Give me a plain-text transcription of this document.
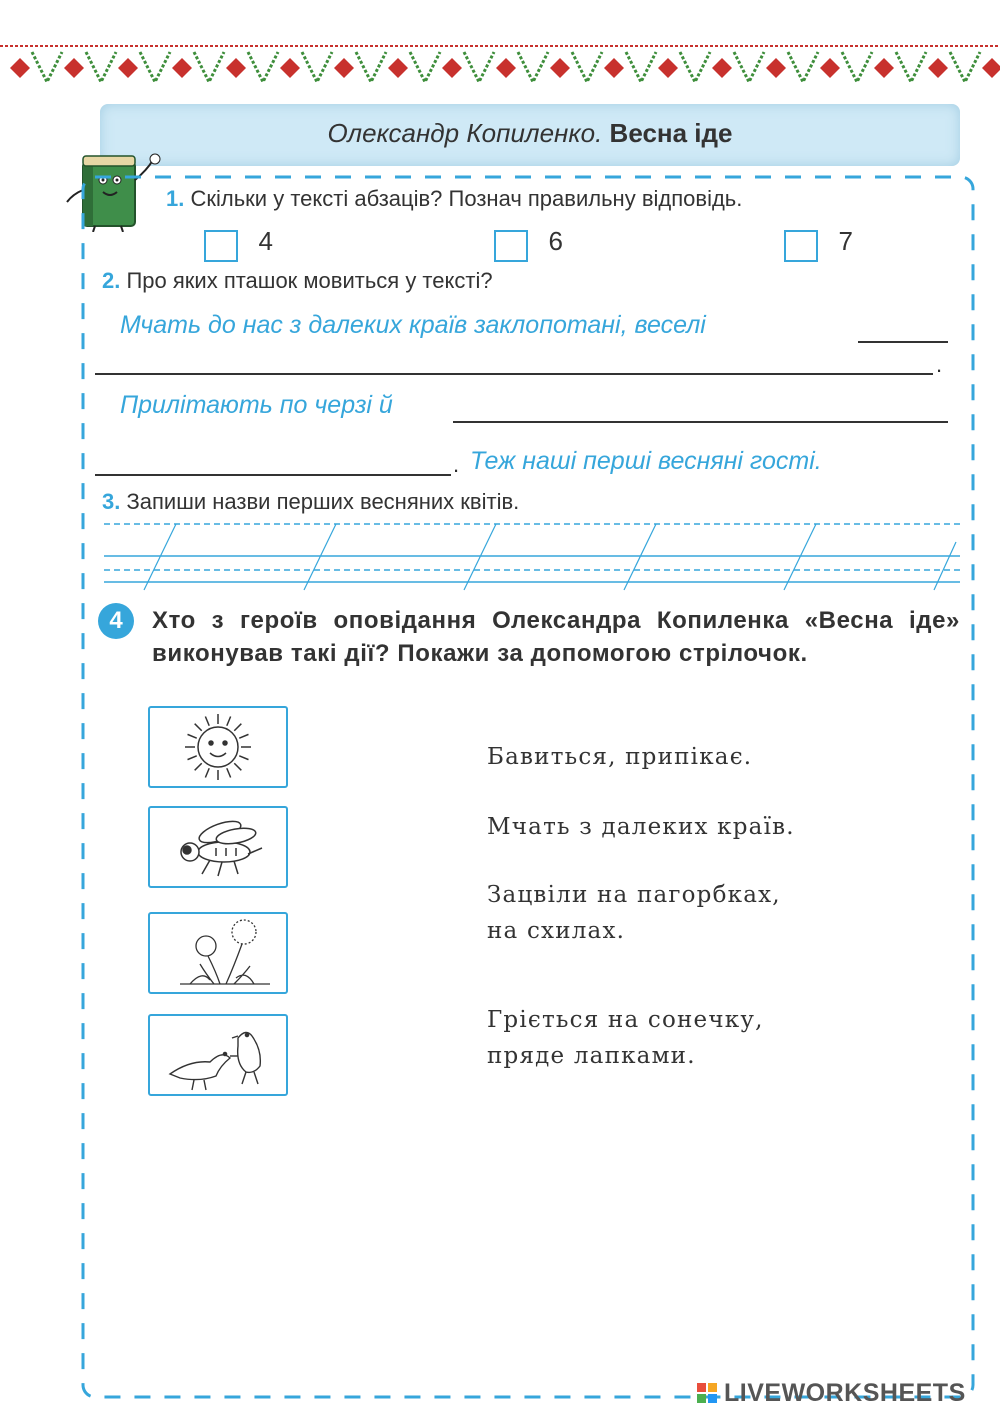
Олександр Копиленко. Весна іде
1. Скільки у тексті абзаців? Познач правильну відповідь.
4	6	7
2. Про яких пташок мовиться у тексті?
Мчать до нас з далеких країв заклопотані, веселі
.
Прилітають по черзі й
. Теж наші перші весняні гості.
3. Запиши назви перших весняних квітів.
4	Хто з героїв оповідання Олександра Копиленка «Весна іде» виконував такі дії? Покажи за допомогою стрілочок.
Бавиться, припікає.
Мчать з далеких країв.
Зацвіли на пагорбках,
на схилах.
Гріється на сонечку,
пряде лапками.
LIVEWORKSHEETS
